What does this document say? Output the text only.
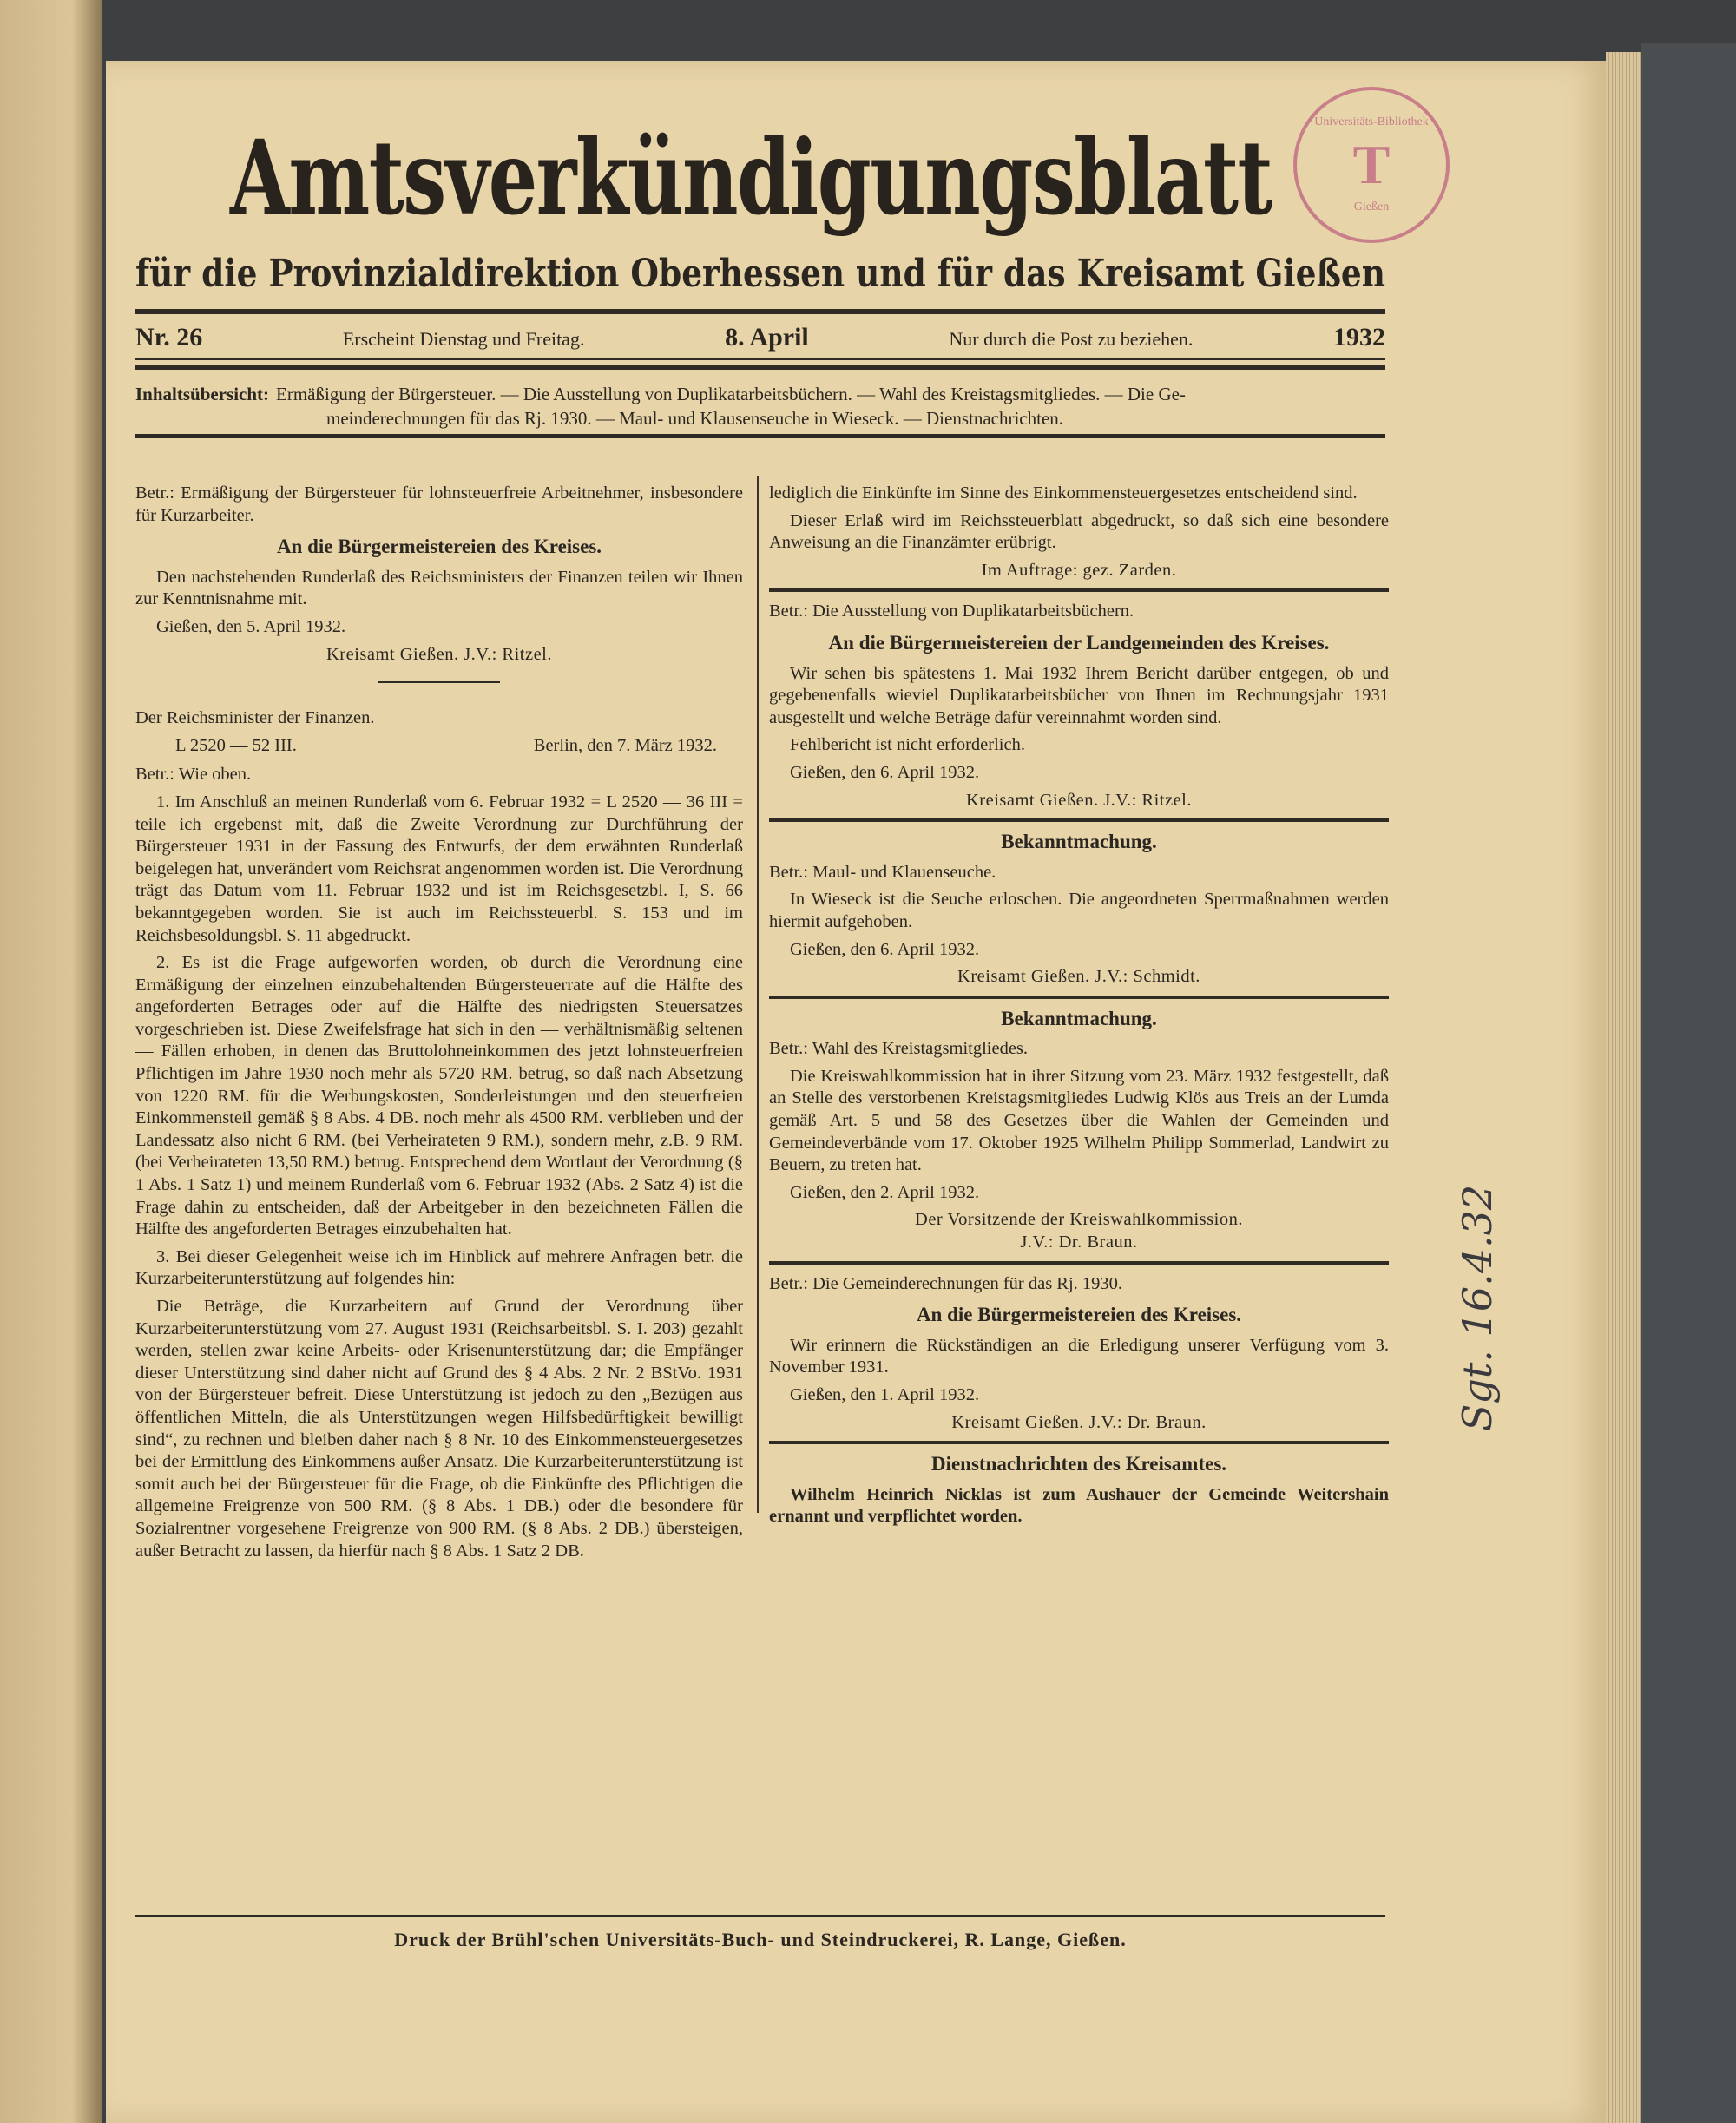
Amtsverkündigungsblatt
für die Provinzialdirektion Oberhessen und für das Kreisamt Gießen
Universitäts-Bibliothek
T
Gießen
Nr. 26	Erscheint Dienstag und Freitag.	8. April	Nur durch die Post zu beziehen.	1932
Inhaltsübersicht: Ermäßigung der Bürgersteuer. — Die Ausstellung von Duplikatarbeitsbüchern. — Wahl des Kreistagsmitgliedes. — Die Ge-
meinderechnungen für das Rj. 1930. — Maul- und Klausenseuche in Wieseck. — Dienstnachrichten.

Betr.: Ermäßigung der Bürgersteuer für lohnsteuerfreie Arbeitnehmer, insbesondere für Kurzarbeiter.

An die Bürgermeistereien des Kreises.

Den nachstehenden Runderlaß des Reichsministers der Finanzen teilen wir Ihnen zur Kenntnisnahme mit.

Gießen, den 5. April 1932.

Kreisamt Gießen. J.V.: Ritzel.

Der Reichsminister der Finanzen.

L 2520 — 52 III.	Berlin, den 7. März 1932.

Betr.: Wie oben.

1. Im Anschluß an meinen Runderlaß vom 6. Februar 1932 = L 2520 — 36 III = teile ich ergebenst mit, daß die Zweite Verordnung zur Durchführung der Bürgersteuer 1931 in der Fassung des Entwurfs, der dem erwähnten Runderlaß beigelegen hat, unverändert vom Reichsrat angenommen worden ist. Die Verordnung trägt das Datum vom 11. Februar 1932 und ist im Reichsgesetzbl. I, S. 66 bekanntgegeben worden. Sie ist auch im Reichssteuerbl. S. 153 und im Reichsbesoldungsbl. S. 11 abgedruckt.

2. Es ist die Frage aufgeworfen worden, ob durch die Verordnung eine Ermäßigung der einzelnen einzubehaltenden Bürgersteuerrate auf die Hälfte des angeforderten Betrages oder auf die Hälfte des niedrigsten Steuersatzes vorgeschrieben ist. Diese Zweifelsfrage hat sich in den — verhältnismäßig seltenen — Fällen erhoben, in denen das Bruttolohneinkommen des jetzt lohnsteuerfreien Pflichtigen im Jahre 1930 noch mehr als 5720 RM. betrug, so daß nach Absetzung von 1220 RM. für die Werbungskosten, Sonderleistungen und den steuerfreien Einkommensteil gemäß § 8 Abs. 4 DB. noch mehr als 4500 RM. verblieben und der Landessatz also nicht 6 RM. (bei Verheirateten 9 RM.), sondern mehr, z.B. 9 RM. (bei Verheirateten 13,50 RM.) betrug. Entsprechend dem Wortlaut der Verordnung (§ 1 Abs. 1 Satz 1) und meinem Runderlaß vom 6. Februar 1932 (Abs. 2 Satz 4) ist die Frage dahin zu entscheiden, daß der Arbeitgeber in den bezeichneten Fällen die Hälfte des angeforderten Betrages einzubehalten hat.

3. Bei dieser Gelegenheit weise ich im Hinblick auf mehrere Anfragen betr. die Kurzarbeiterunterstützung auf folgendes hin:

Die Beträge, die Kurzarbeitern auf Grund der Verordnung über Kurzarbeiterunterstützung vom 27. August 1931 (Reichsarbeitsbl. S. I. 203) gezahlt werden, stellen zwar keine Arbeits- oder Krisenunterstützung dar; die Empfänger dieser Unterstützung sind daher nicht auf Grund des § 4 Abs. 2 Nr. 2 BStVo. 1931 von der Bürgersteuer befreit. Diese Unterstützung ist jedoch zu den „Bezügen aus öffentlichen Mitteln, die als Unterstützungen wegen Hilfsbedürftigkeit bewilligt sind“, zu rechnen und bleiben daher nach § 8 Nr. 10 des Einkommensteuergesetzes bei der Ermittlung des Einkommens außer Ansatz. Die Kurzarbeiterunterstützung ist somit auch bei der Bürgersteuer für die Frage, ob die Einkünfte des Pflichtigen die allgemeine Freigrenze von 500 RM. (§ 8 Abs. 1 DB.) oder die besondere für Sozialrentner vorgesehene Freigrenze von 900 RM. (§ 8 Abs. 2 DB.) übersteigen, außer Betracht zu lassen, da hierfür nach § 8 Abs. 1 Satz 2 DB.

lediglich die Einkünfte im Sinne des Einkommensteuergesetzes entscheidend sind.

Dieser Erlaß wird im Reichssteuerblatt abgedruckt, so daß sich eine besondere Anweisung an die Finanzämter erübrigt.

Im Auftrage: gez. Zarden.

Betr.: Die Ausstellung von Duplikatarbeitsbüchern.

An die Bürgermeistereien der Landgemeinden des Kreises.

Wir sehen bis spätestens 1. Mai 1932 Ihrem Bericht darüber entgegen, ob und gegebenenfalls wieviel Duplikatarbeitsbücher von Ihnen im Rechnungsjahr 1931 ausgestellt und welche Beträge dafür vereinnahmt worden sind.

Fehlbericht ist nicht erforderlich.

Gießen, den 6. April 1932.

Kreisamt Gießen. J.V.: Ritzel.

Bekanntmachung.

Betr.: Maul- und Klauenseuche.

In Wieseck ist die Seuche erloschen. Die angeordneten Sperrmaßnahmen werden hiermit aufgehoben.

Gießen, den 6. April 1932.

Kreisamt Gießen. J.V.: Schmidt.

Bekanntmachung.

Betr.: Wahl des Kreistagsmitgliedes.

Die Kreiswahlkommission hat in ihrer Sitzung vom 23. März 1932 festgestellt, daß an Stelle des verstorbenen Kreistagsmitgliedes Ludwig Klös aus Treis an der Lumda gemäß Art. 5 und 58 des Gesetzes über die Wahlen der Gemeinden und Gemeindeverbände vom 17. Oktober 1925 Wilhelm Philipp Sommerlad, Landwirt zu Beuern, zu treten hat.

Gießen, den 2. April 1932.

Der Vorsitzende der Kreiswahlkommission.

J.V.: Dr. Braun.

Betr.: Die Gemeinderechnungen für das Rj. 1930.

An die Bürgermeistereien des Kreises.

Wir erinnern die Rückständigen an die Erledigung unserer Verfügung vom 3. November 1931.

Gießen, den 1. April 1932.

Kreisamt Gießen. J.V.: Dr. Braun.

Dienstnachrichten des Kreisamtes.

Wilhelm Heinrich Nicklas ist zum Aushauer der Gemeinde Weitershain ernannt und verpflichtet worden.

Sgt. 16.4.32
Druck der Brühl'schen Universitäts-Buch- und Steindruckerei, R. Lange, Gießen.
